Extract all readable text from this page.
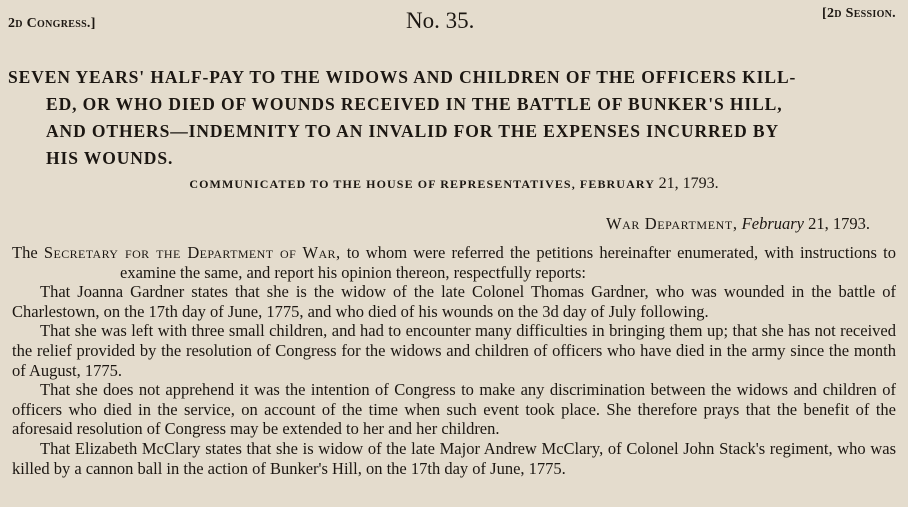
2d Congress.]	No. 35.	[2d Session.
SEVEN YEARS' HALF-PAY TO THE WIDOWS AND CHILDREN OF THE OFFICERS KILL-
ED, OR WHO DIED OF WOUNDS RECEIVED IN THE BATTLE OF BUNKER'S HILL,
AND OTHERS—INDEMNITY TO AN INVALID FOR THE EXPENSES INCURRED BY
HIS WOUNDS.
COMMUNICATED TO THE HOUSE OF REPRESENTATIVES, FEBRUARY 21, 1793.
War Department, February 21, 1793.

The Secretary for the Department of War, to whom were referred the petitions hereinafter enumerated, with instructions to examine the same, and report his opinion thereon, respectfully reports:

That Joanna Gardner states that she is the widow of the late Colonel Thomas Gardner, who was wounded in the battle of Charlestown, on the 17th day of June, 1775, and who died of his wounds on the 3d day of July following.

That she was left with three small children, and had to encounter many difficulties in bringing them up; that she has not received the relief provided by the resolution of Congress for the widows and children of officers who have died in the army since the month of August, 1775.

That she does not apprehend it was the intention of Congress to make any discrimination between the widows and children of officers who died in the service, on account of the time when such event took place. She therefore prays that the benefit of the aforesaid resolution of Congress may be extended to her and her children.

That Elizabeth McClary states that she is widow of the late Major Andrew McClary, of Colonel John Stack's regiment, who was killed by a cannon ball in the action of Bunker's Hill, on the 17th day of June, 1775.
